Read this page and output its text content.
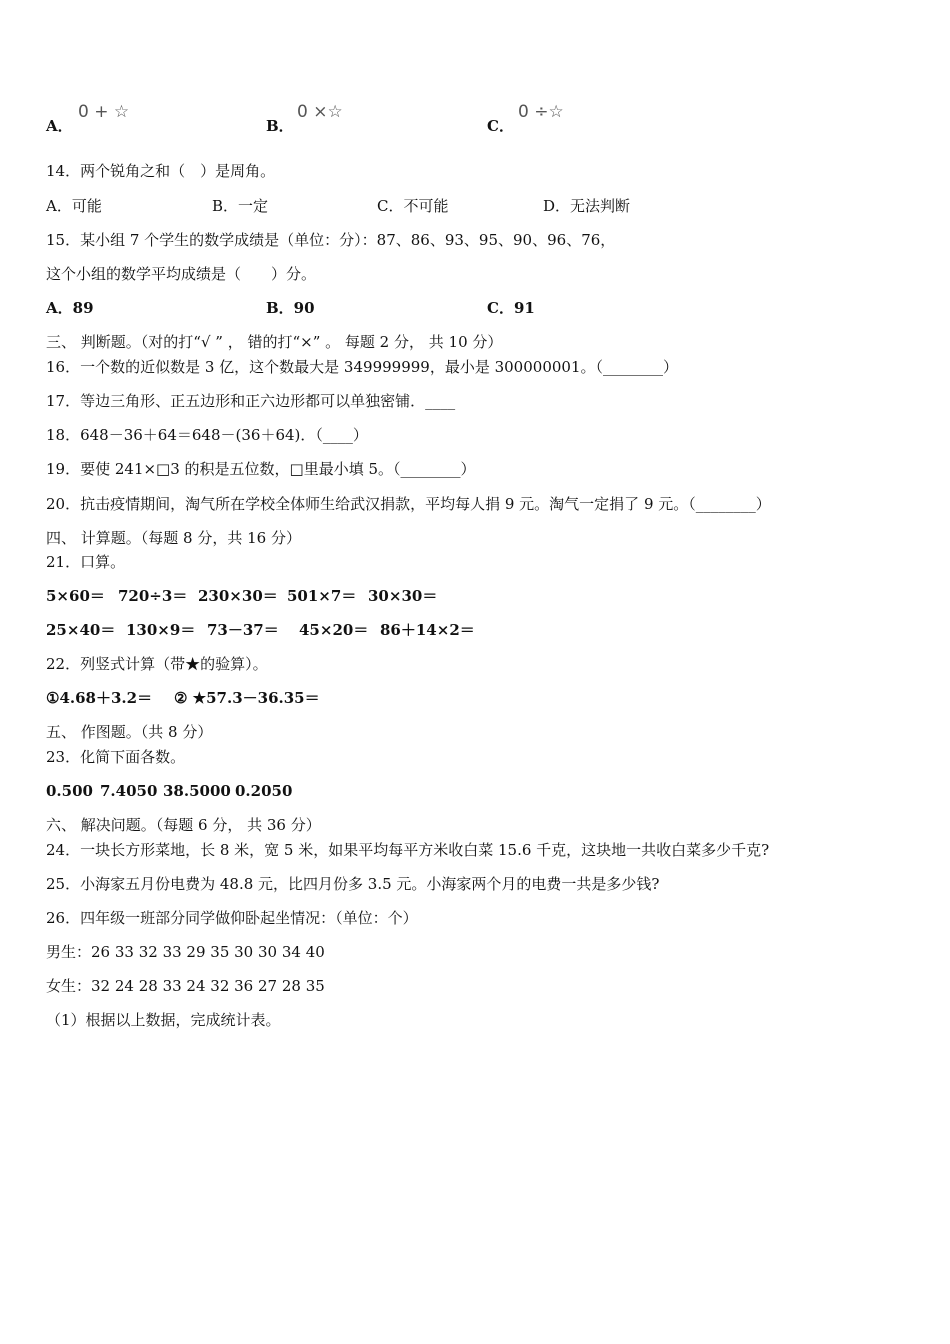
A．
0 + ☆
B．
0 ×☆
C．
0 ÷☆
14．两个锐角之和（　）是周角。
A．可能	B．一定	C．不可能	D．无法判断
15．某小组 7 个学生的数学成绩是（单位：分）：87、86、93、95、90、96、76，
这个小组的数学平均成绩是（　　）分。
A．89	B．90	C．91
三、 判断题。（对的打“√ ” ， 错的打“×” 。 每题 2 分， 共 10 分）
16．一个数的近似数是 3 亿，这个数最大是 349999999，最小是 300000001。（________）
17．等边三角形、正五边形和正六边形都可以单独密铺．____
18．648－36＋64＝648－(36＋64)．（____）
19．要使 241×□3 的积是五位数，□里最小填 5。（________）
20．抗击疫情期间，淘气所在学校全体师生给武汉捐款，平均每人捐 9 元。淘气一定捐了 9 元。（________）
四、 计算题。（每题 8 分，共 16 分）
21．口算。
5×60＝ 720÷3＝ 230×30＝ 501×7＝ 30×30＝
25×40＝ 130×9＝ 73－37＝ 45×20＝ 86＋14×2＝
22．列竖式计算（带★的验算）。
①4.68＋3.2＝ ② ★57.3－36.35＝
五、 作图题。（共 8 分）
23．化简下面各数。
0.500 7.4050 38.5000 0.2050
六、 解决问题。（每题 6 分， 共 36 分）
24．一块长方形菜地，长 8 米，宽 5 米，如果平均每平方米收白菜 15.6 千克，这块地一共收白菜多少千克?
25．小海家五月份电费为 48.8 元，比四月份多 3.5 元。小海家两个月的电费一共是多少钱?
26．四年级一班部分同学做仰卧起坐情况：（单位：个）
男生：26 33 32 33 29 35 30 30 34 40
女生：32 24 28 33 24 32 36 27 28 35
（1）根据以上数据，完成统计表。
